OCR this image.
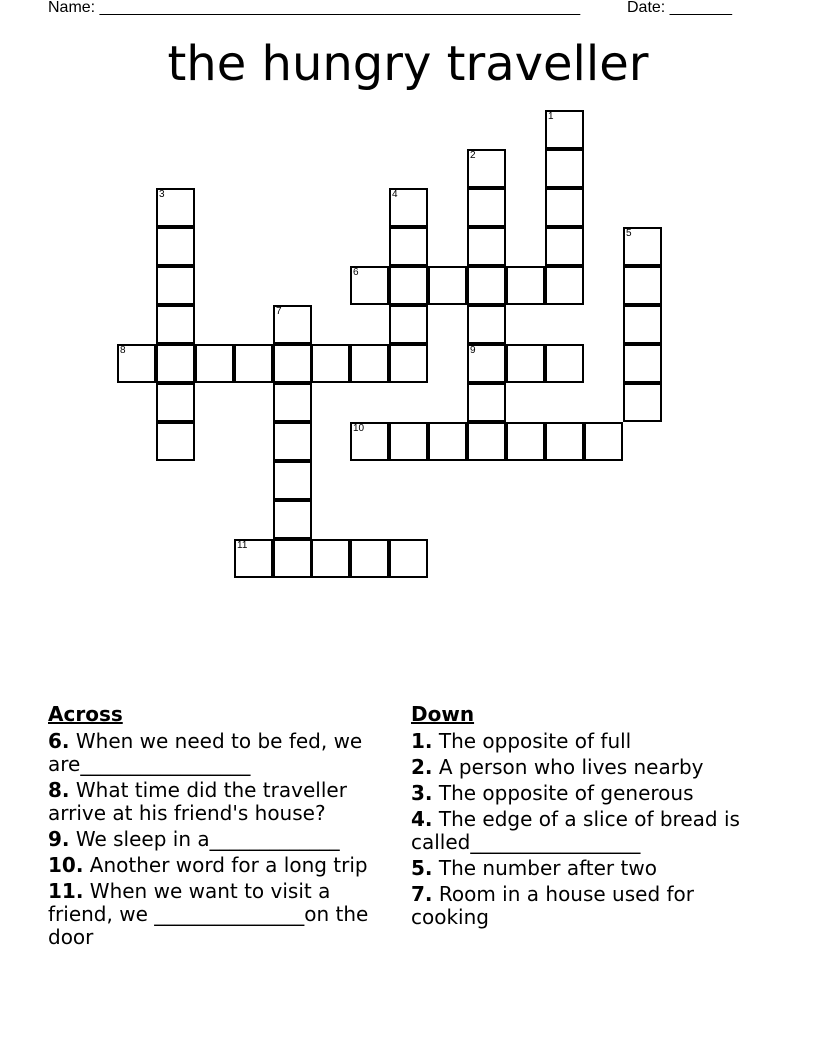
Name: ______________________________________________________	Date: _______
the hungry traveller
1
2
9
3	4
5
6
7
8
10
11
Across
6. When we need to be fed, we are_________________
8. What time did the traveller arrive at his friend's house?
9. We sleep in a_____________
10. Another word for a long trip
11. When we want to visit a friend, we _______________on the door
Down
1. The opposite of full
2. A person who lives nearby
3. The opposite of generous
4. The edge of a slice of bread is called_________________
5. The number after two
7. Room in a house used for cooking
